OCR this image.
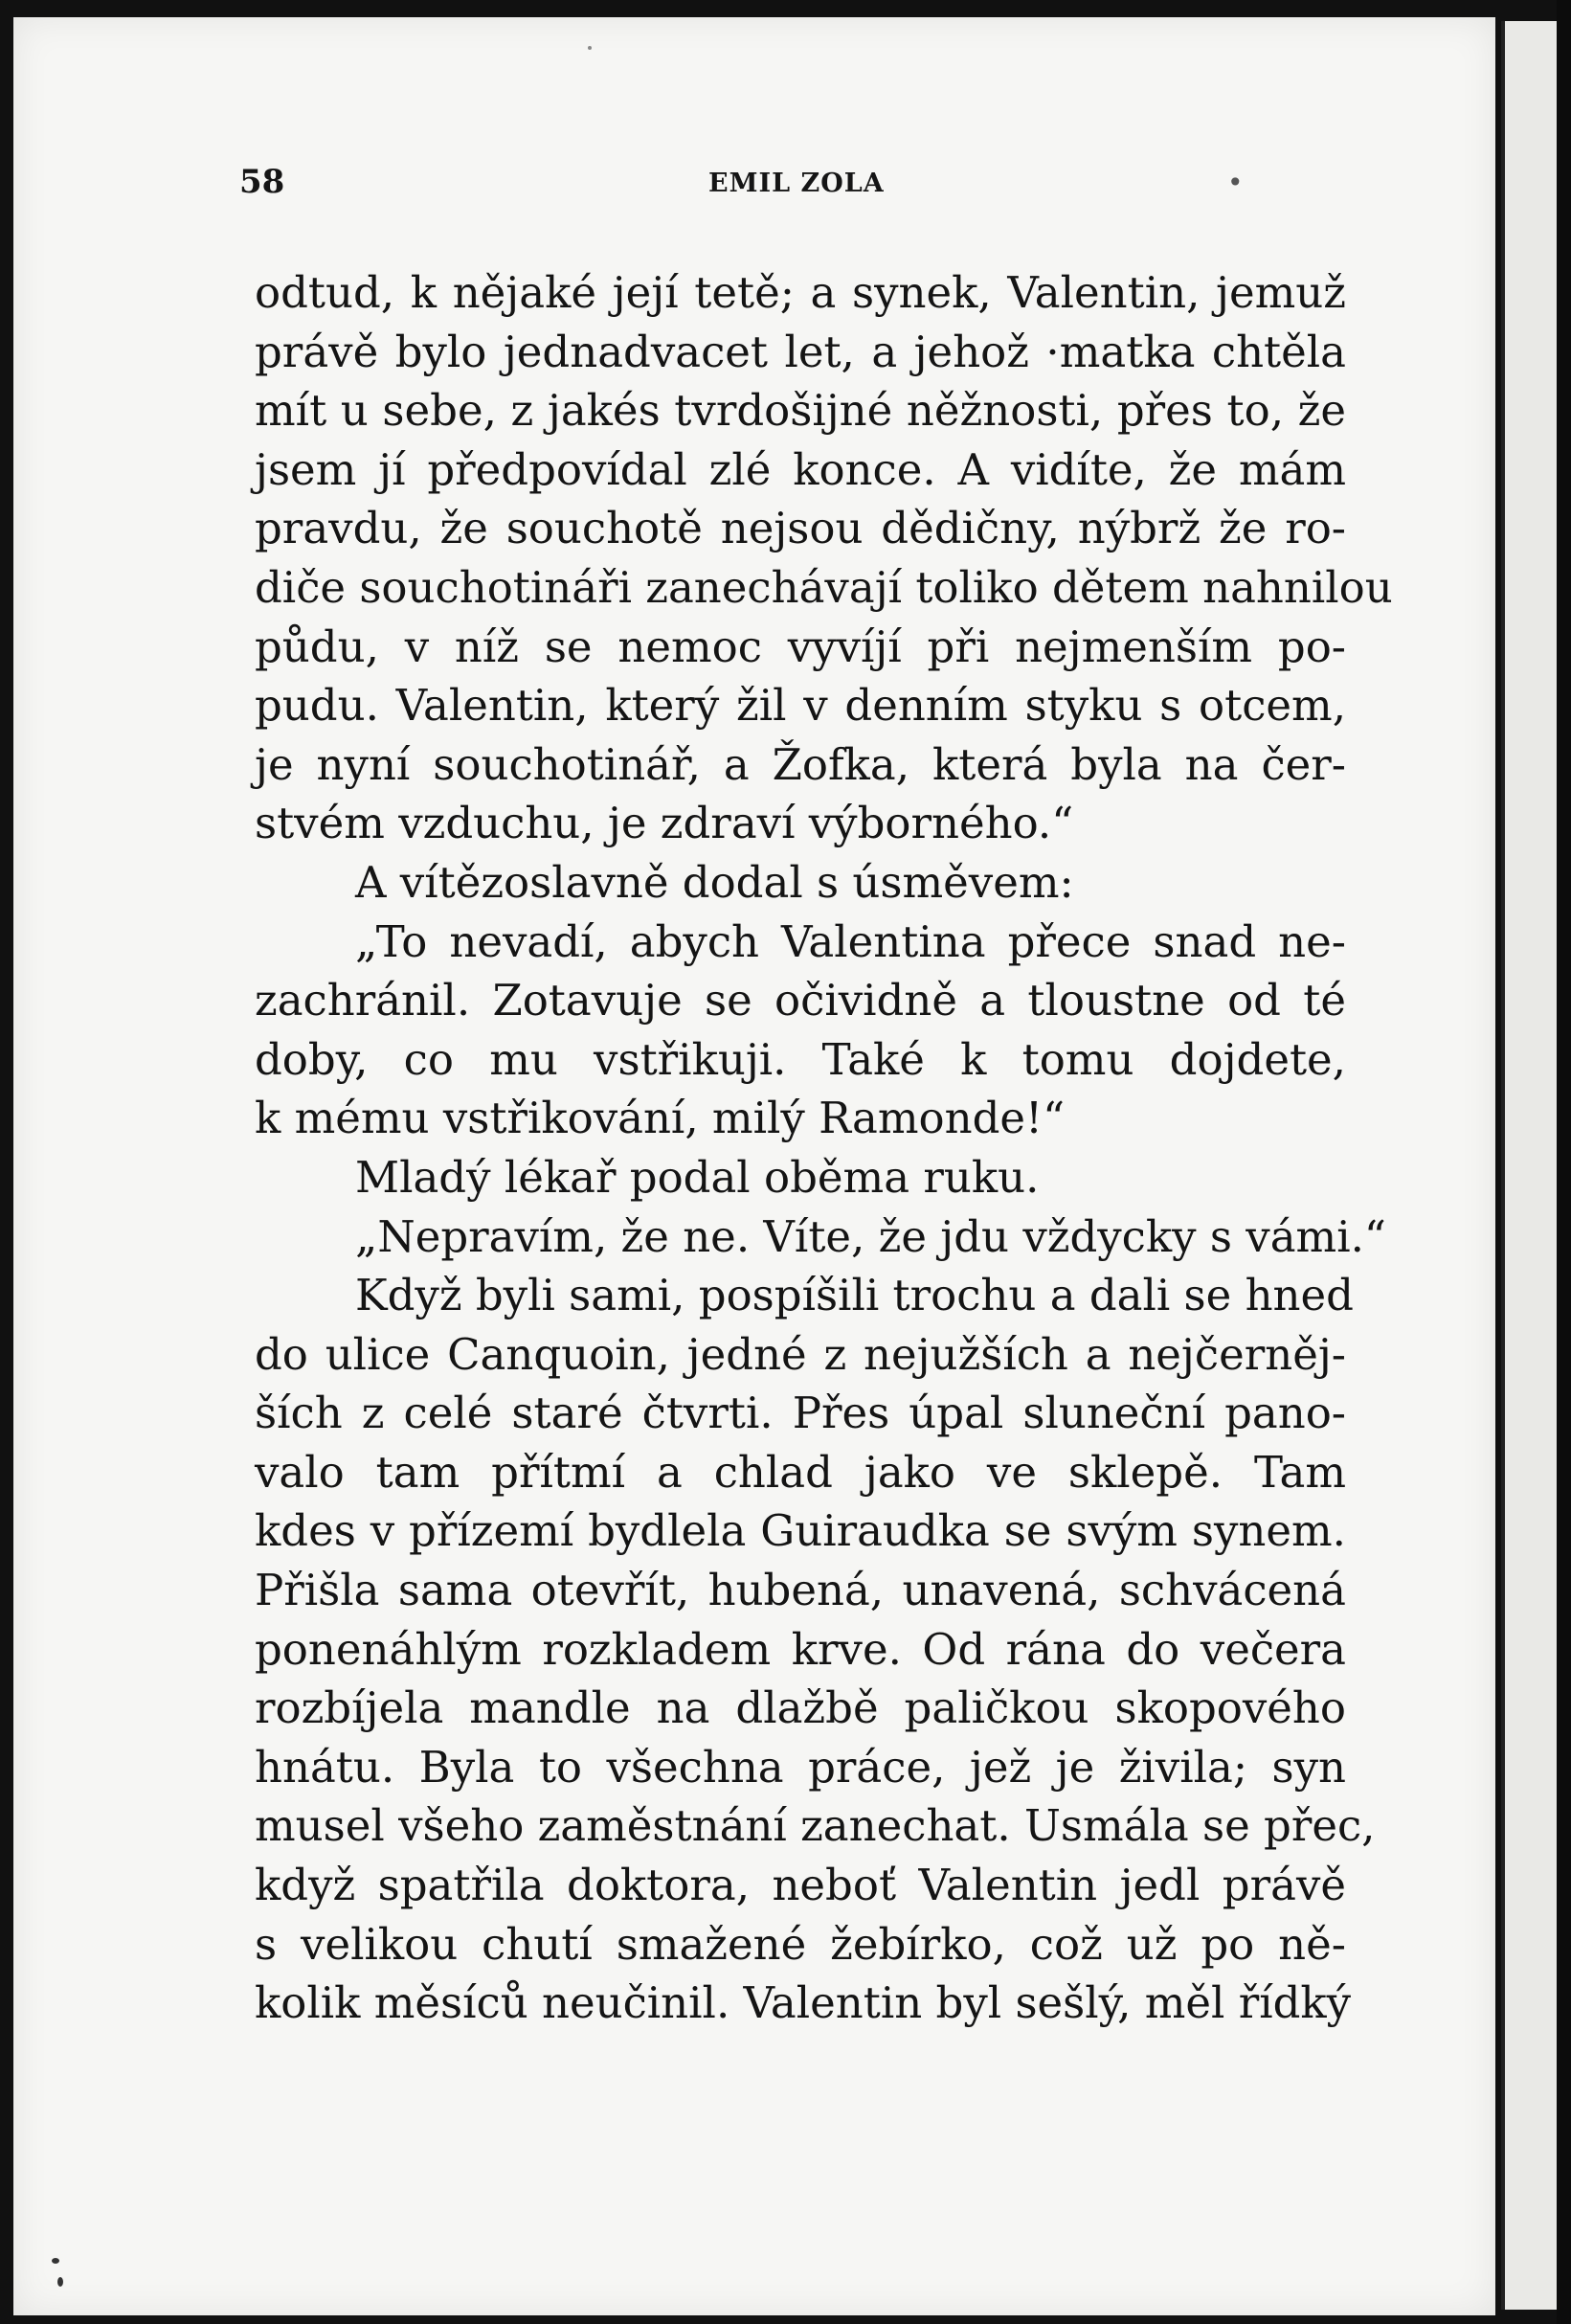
58	EMIL ZOLA	•
odtud, k nějaké její tetě; a synek, Valentin, jemuž
právě bylo jednadvacet let, a jehož ·matka chtěla
mít u sebe, z jakés tvrdošijné něžnosti, přes to, že
jsem jí předpovídal zlé konce. A vidíte, že mám
pravdu, že souchotě nejsou dědičny, nýbrž že ro-
diče souchotináři zanechávají toliko dětem nahnilou
půdu, v níž se nemoc vyvíjí při nejmenším po-
pudu. Valentin, který žil v denním styku s otcem,
je nyní souchotinář, a Žofka, která byla na čer-
stvém vzduchu, je zdraví výborného.“
A vítězoslavně dodal s úsměvem:
„To nevadí, abych Valentina přece snad ne-
zachránil. Zotavuje se očividně a tloustne od té
doby, co mu vstřikuji. Také k tomu dojdete,
k mému vstřikování, milý Ramonde!“
Mladý lékař podal oběma ruku.
„Nepravím, že ne. Víte, že jdu vždycky s vámi.“
Když byli sami, pospíšili trochu a dali se hned
do ulice Canquoin, jedné z nejužších a nejčerněj-
ších z celé staré čtvrti. Přes úpal sluneční pano-
valo tam přítmí a chlad jako ve sklepě. Tam
kdes v přízemí bydlela Guiraudka se svým synem.
Přišla sama otevřít, hubená, unavená, schvácená
ponenáhlým rozkladem krve. Od rána do večera
rozbíjela mandle na dlažbě paličkou skopového
hnátu. Byla to všechna práce, jež je živila; syn
musel všeho zaměstnání zanechat. Usmála se přec,
když spatřila doktora, neboť Valentin jedl právě
s velikou chutí smažené žebírko, což už po ně-
kolik měsíců neučinil. Valentin byl sešlý, měl řídký
